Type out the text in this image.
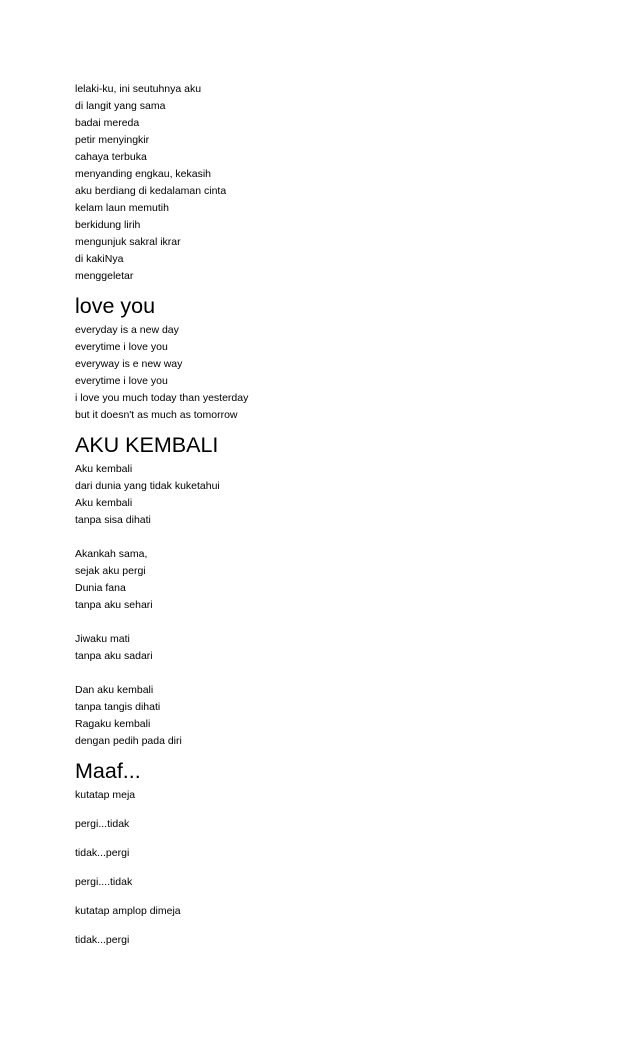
lelaki-ku, ini seutuhnya aku
di langit yang sama
badai mereda
petir menyingkir
cahaya terbuka
menyanding engkau, kekasih
aku berdiang di kedalaman cinta
kelam laun memutih
berkidung lirih
mengunjuk sakral ikrar
di kakiNya
menggeletar
love you
everyday is a new day
everytime i love you
everyway is e new way
everytime i love you
i love you much today than yesterday
but it doesn't as much as tomorrow
AKU KEMBALI
Aku kembali
dari dunia yang tidak kuketahui
Aku kembali
tanpa sisa dihati
Akankah sama,
sejak aku pergi
Dunia fana
tanpa aku sehari
Jiwaku mati
tanpa aku sadari
Dan aku kembali
tanpa tangis dihati
Ragaku kembali
dengan pedih pada diri
Maaf...
kutatap meja
pergi...tidak
tidak...pergi
pergi....tidak
kutatap amplop dimeja
tidak...pergi
